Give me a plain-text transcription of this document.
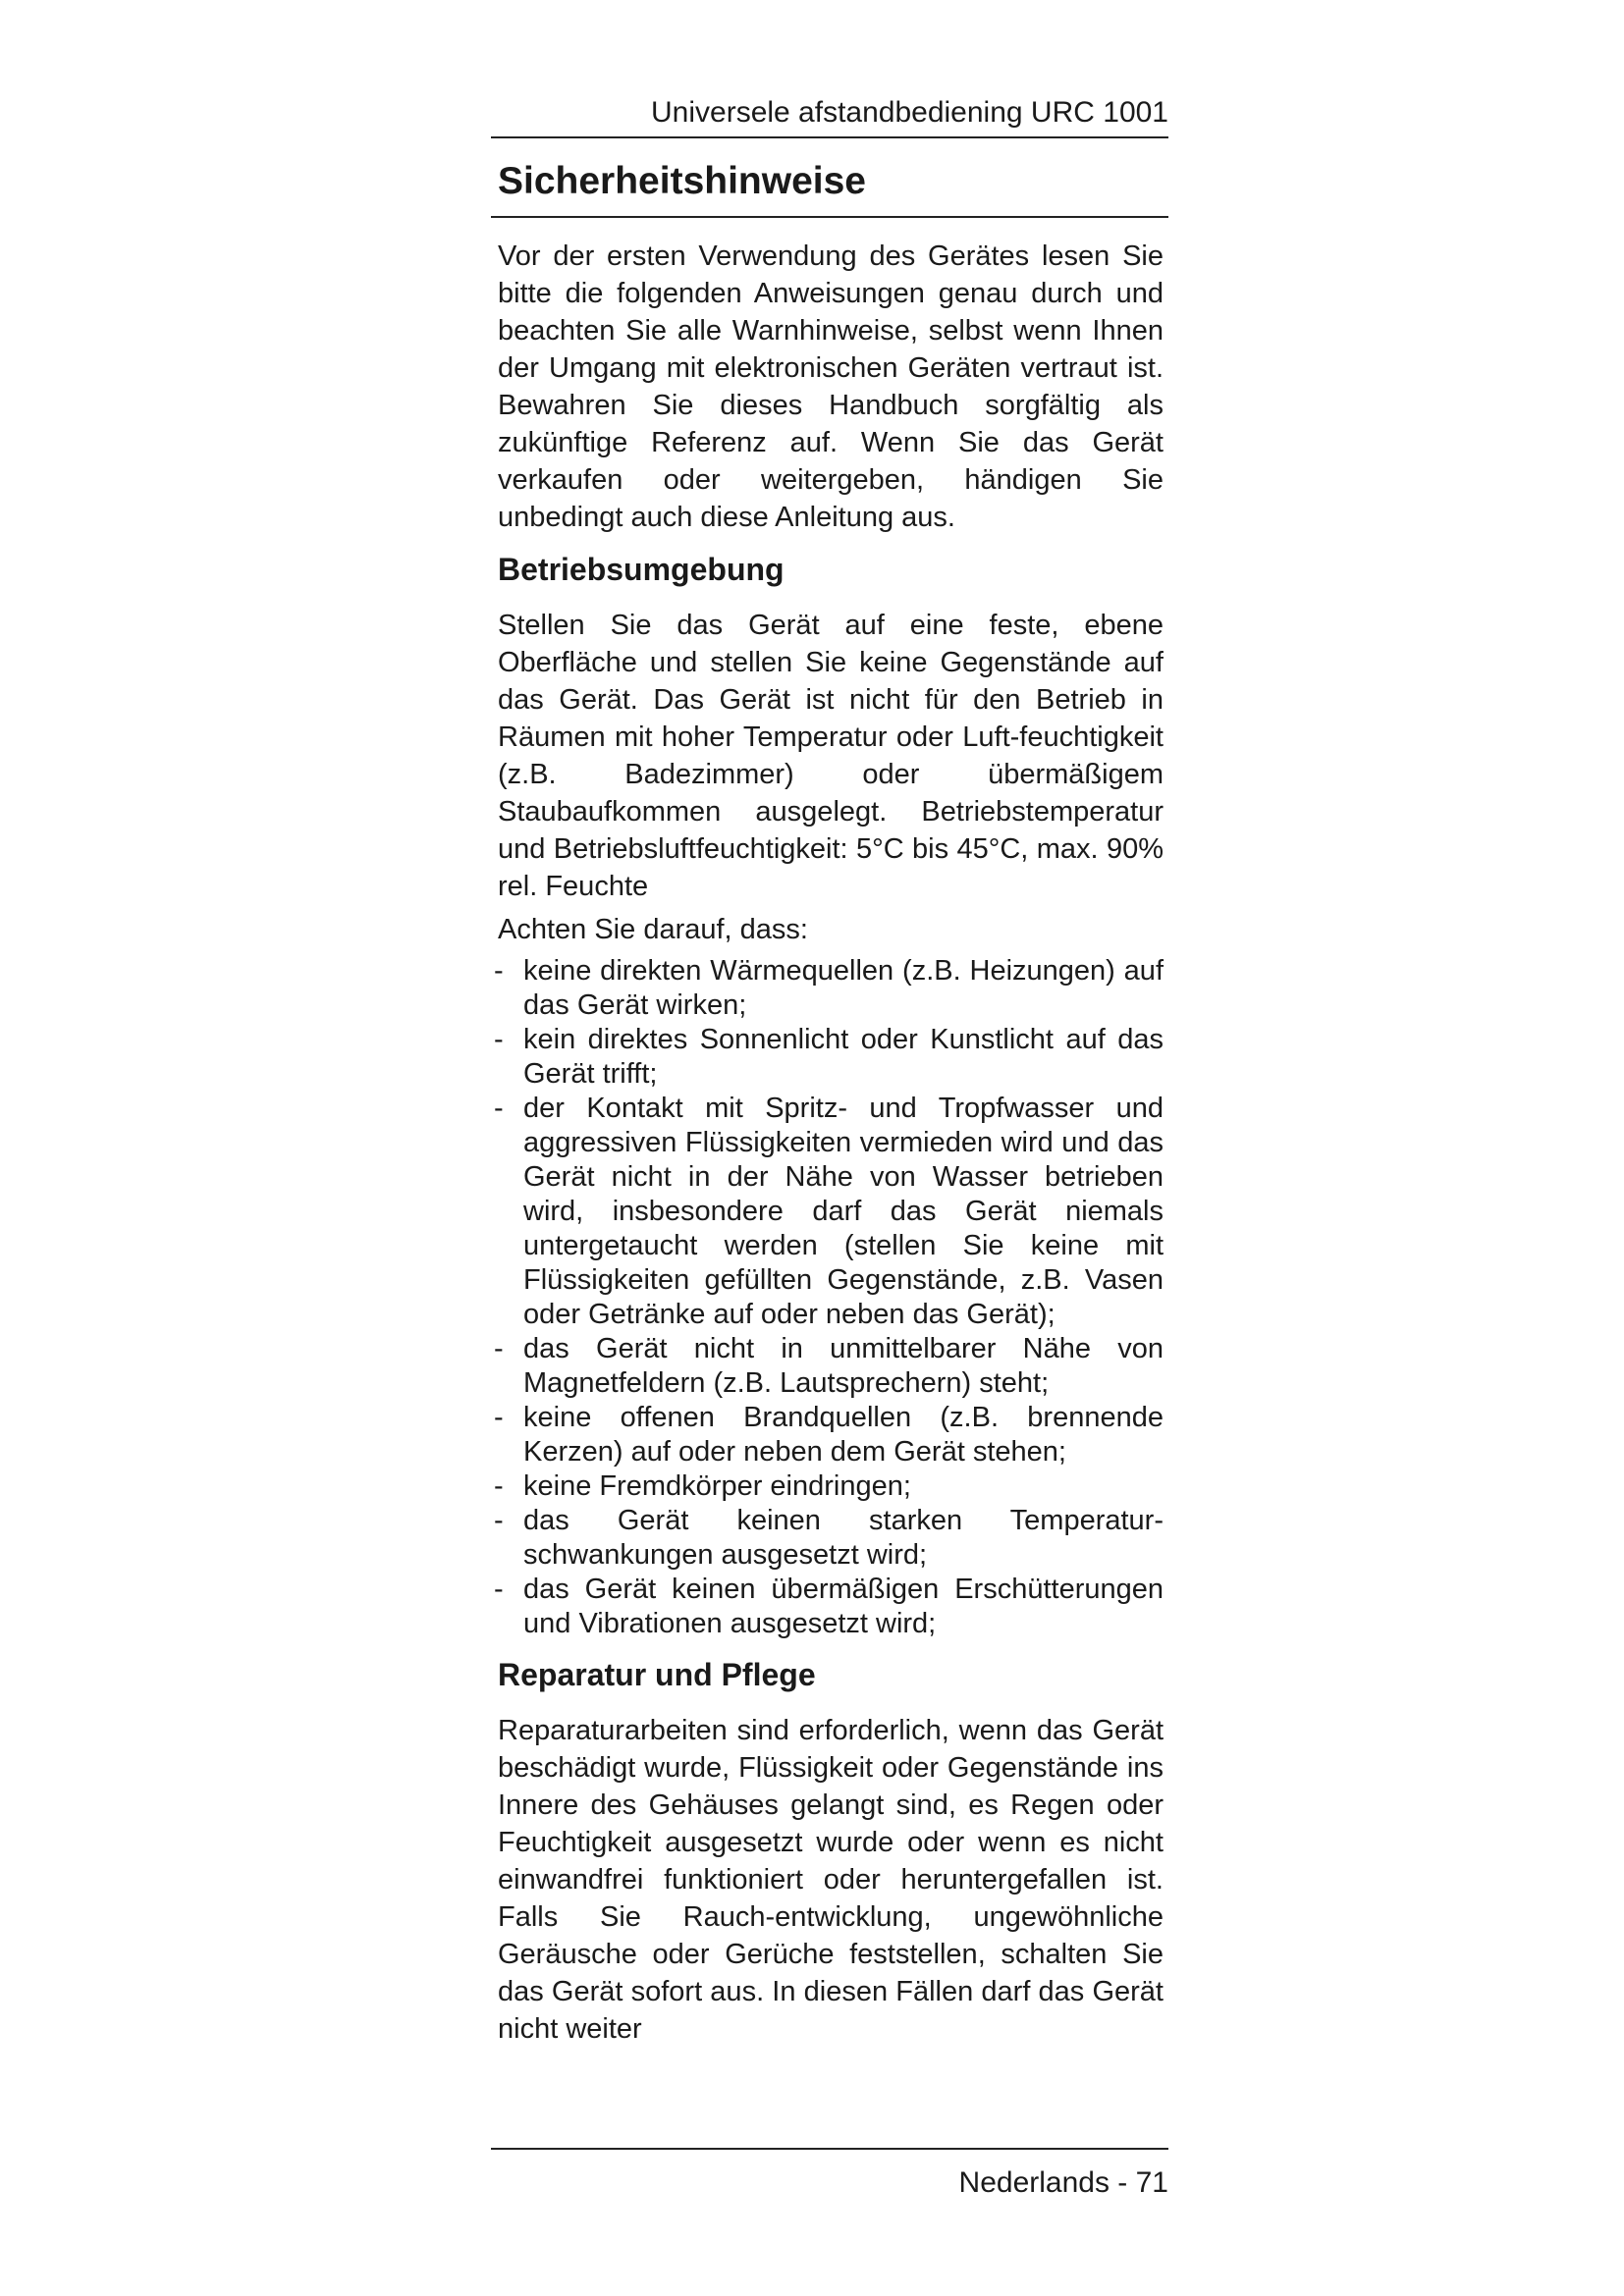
Universele afstandbediening URC 1001
Sicherheitshinweise

Vor der ersten Verwendung des Gerätes lesen Sie bitte die folgenden Anweisungen genau durch und beachten Sie alle Warnhinweise, selbst wenn Ihnen der Umgang mit elektronischen Geräten vertraut ist. Bewahren Sie dieses Handbuch sorgfältig als zukünftige Referenz auf. Wenn Sie das Gerät verkaufen oder weitergeben, händigen Sie unbedingt auch diese Anleitung aus.

Betriebsumgebung

Stellen Sie das Gerät auf eine feste, ebene Oberfläche und stellen Sie keine Gegenstände auf das Gerät. Das Gerät ist nicht für den Betrieb in Räumen mit hoher Temperatur oder Luft-feuchtigkeit (z.B. Badezimmer) oder übermäßigem Staubaufkommen ausgelegt. Betriebstemperatur und Betriebsluftfeuchtigkeit: 5°C bis 45°C, max. 90% rel. Feuchte

Achten Sie darauf, dass:
- keine direkten Wärmequellen (z.B. Heizungen) auf das Gerät wirken;
- kein direktes Sonnenlicht oder Kunstlicht auf das Gerät trifft;
- der Kontakt mit Spritz- und Tropfwasser und aggressiven Flüssigkeiten vermieden wird und das Gerät nicht in der Nähe von Wasser betrieben wird, insbesondere darf das Gerät niemals untergetaucht werden (stellen Sie keine mit Flüssigkeiten gefüllten Gegenstände, z.B. Vasen oder Getränke auf oder neben das Gerät);
- das Gerät nicht in unmittelbarer Nähe von Magnetfeldern (z.B. Lautsprechern) steht;
- keine offenen Brandquellen (z.B. brennende Kerzen) auf oder neben dem Gerät stehen;
- keine Fremdkörper eindringen;
- das Gerät keinen starken Temperatur-schwankungen ausgesetzt wird;
- das Gerät keinen übermäßigen Erschütterungen und Vibrationen ausgesetzt wird;
Reparatur und Pflege

Reparaturarbeiten sind erforderlich, wenn das Gerät beschädigt wurde, Flüssigkeit oder Gegenstände ins Innere des Gehäuses gelangt sind, es Regen oder Feuchtigkeit ausgesetzt wurde oder wenn es nicht einwandfrei funktioniert oder heruntergefallen ist. Falls Sie Rauch-entwicklung, ungewöhnliche Geräusche oder Gerüche feststellen, schalten Sie das Gerät sofort aus. In diesen Fällen darf das Gerät nicht weiter

Nederlands - 71
